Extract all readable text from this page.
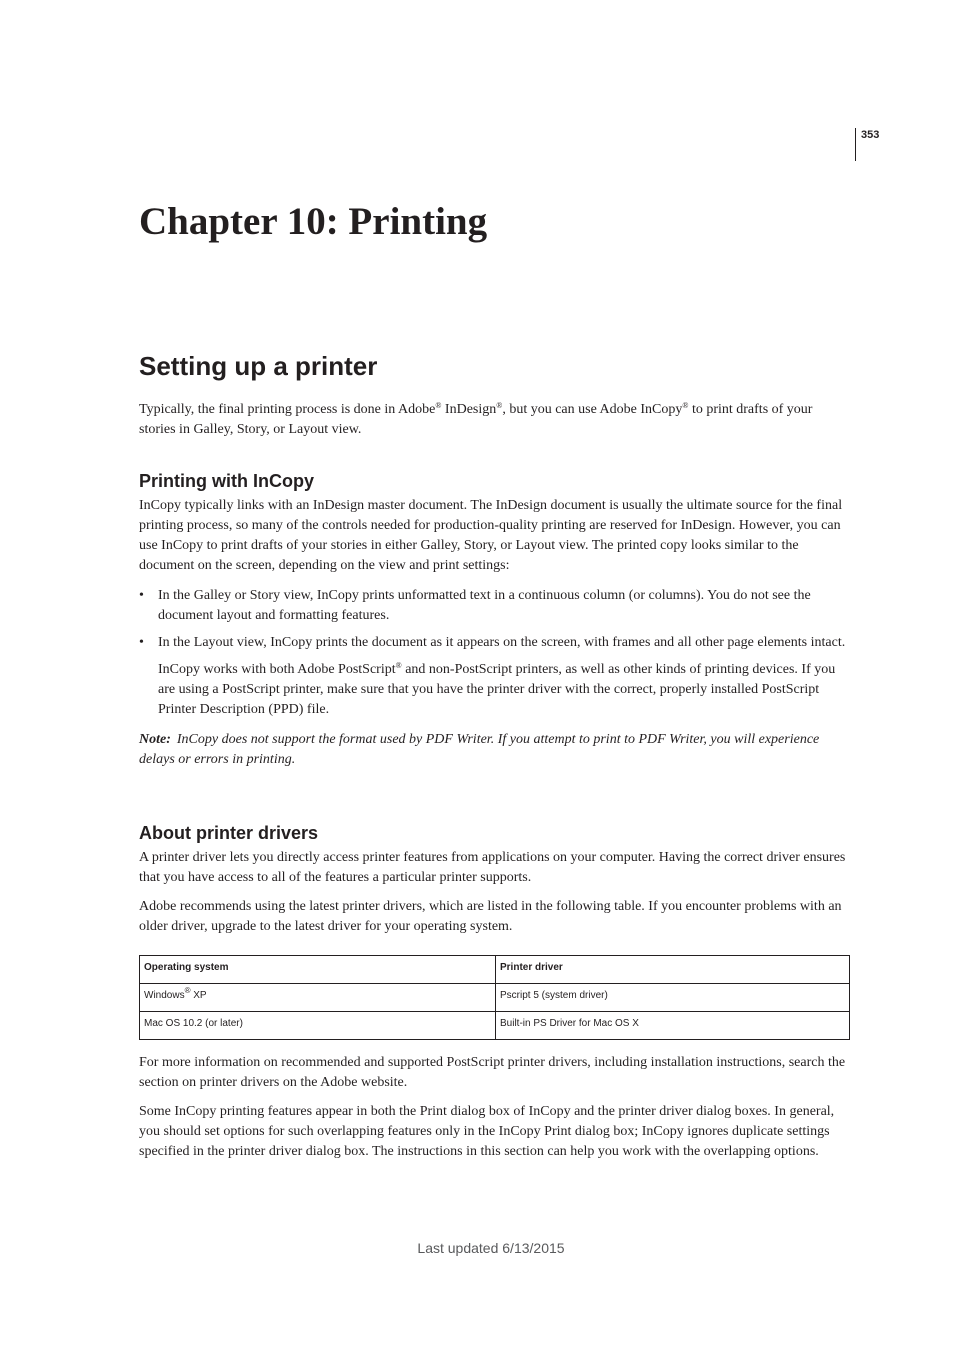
353
Chapter 10: Printing
Setting up a printer

Typically, the final printing process is done in Adobe® InDesign®, but you can use Adobe InCopy® to print drafts of your stories in Galley, Story, or Layout view.

Printing with InCopy

InCopy typically links with an InDesign master document. The InDesign document is usually the ultimate source for the final printing process, so many of the controls needed for production-quality printing are reserved for InDesign. However, you can use InCopy to print drafts of your stories in either Galley, Story, or Layout view. The printed copy looks similar to the document on the screen, depending on the view and print settings:

• In the Galley or Story view, InCopy prints unformatted text in a continuous column (or columns). You do not see the document layout and formatting features.
• In the Layout view, InCopy prints the document as it appears on the screen, with frames and all other page elements intact.

InCopy works with both Adobe PostScript® and non-PostScript printers, as well as other kinds of printing devices. If you are using a PostScript printer, make sure that you have the printer driver with the correct, properly installed PostScript Printer Description (PPD) file.

Note: InCopy does not support the format used by PDF Writer. If you attempt to print to PDF Writer, you will experience delays or errors in printing.

About printer drivers

A printer driver lets you directly access printer features from applications on your computer. Having the correct driver ensures that you have access to all of the features a particular printer supports.

Adobe recommends using the latest printer drivers, which are listed in the following table. If you encounter problems with an older driver, upgrade to the latest driver for your operating system.

Operating system	Printer driver
Windows® XP	Pscript 5 (system driver)
Mac OS 10.2 (or later)	Built-in PS Driver for Mac OS X

For more information on recommended and supported PostScript printer drivers, including installation instructions, search the section on printer drivers on the Adobe website.

Some InCopy printing features appear in both the Print dialog box of InCopy and the printer driver dialog boxes. In general, you should set options for such overlapping features only in the InCopy Print dialog box; InCopy ignores duplicate settings specified in the printer driver dialog box. The instructions in this section can help you work with the overlapping options.

Last updated 6/13/2015
